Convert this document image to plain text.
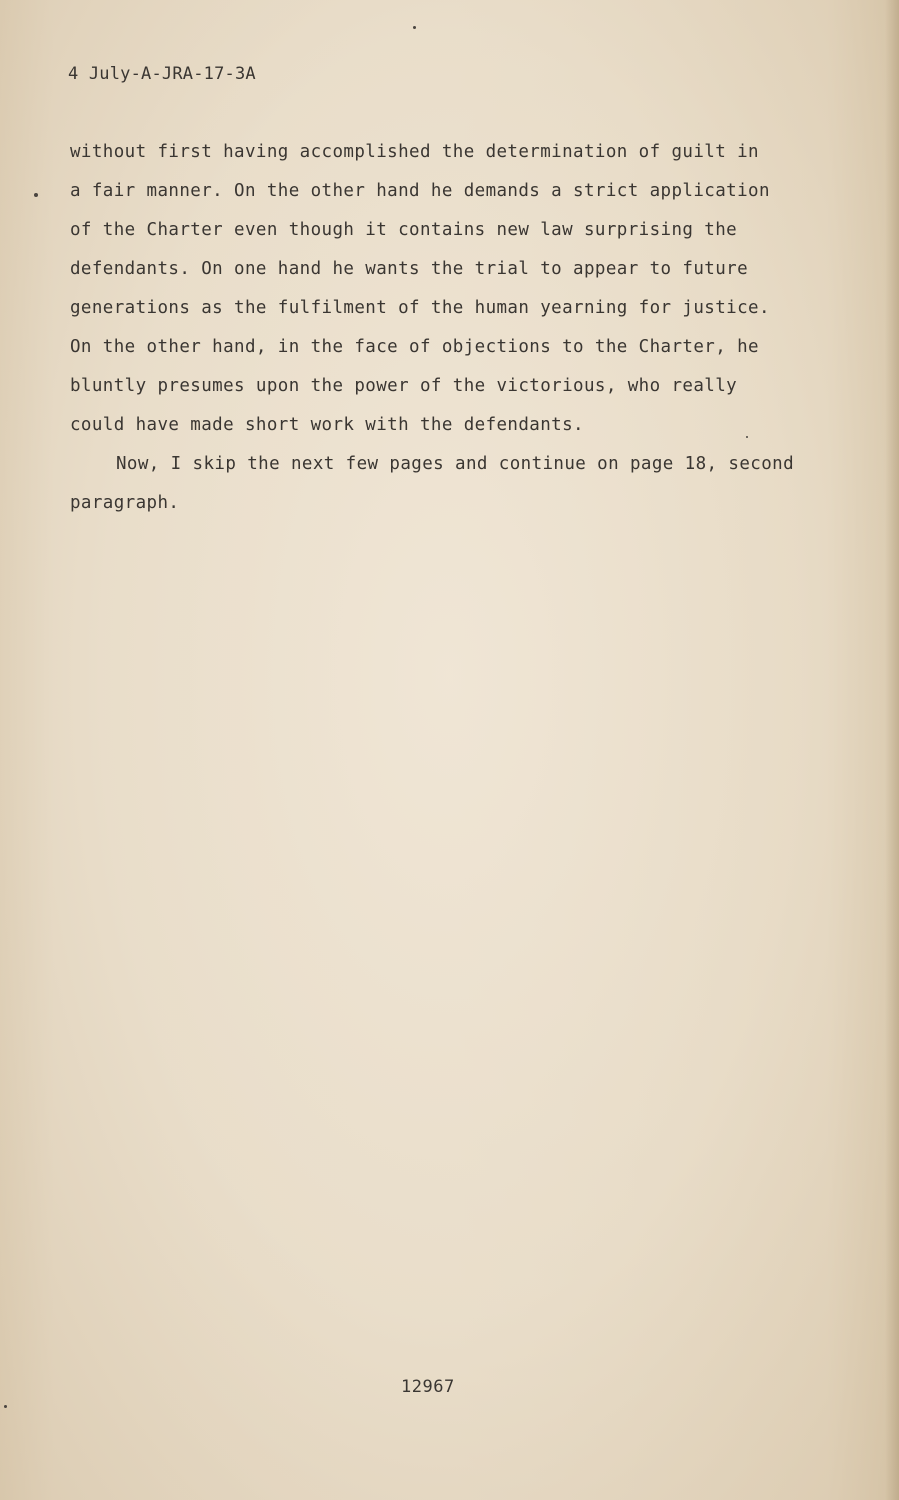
4 July-A-JRA-17-3A
without first having accomplished the determination of guilt in
a fair manner. On the other hand he demands a strict application
of the Charter even though it contains new law surprising the
defendants. On one hand he wants the trial to appear to future
generations as the fulfilment of the human yearning for justice.
On the other hand, in the face of objections to the Charter, he
bluntly presumes upon the power of the victorious, who really
could have made short work with the defendants.
Now, I skip the next few pages and continue on page 18, second
paragraph.
12967
